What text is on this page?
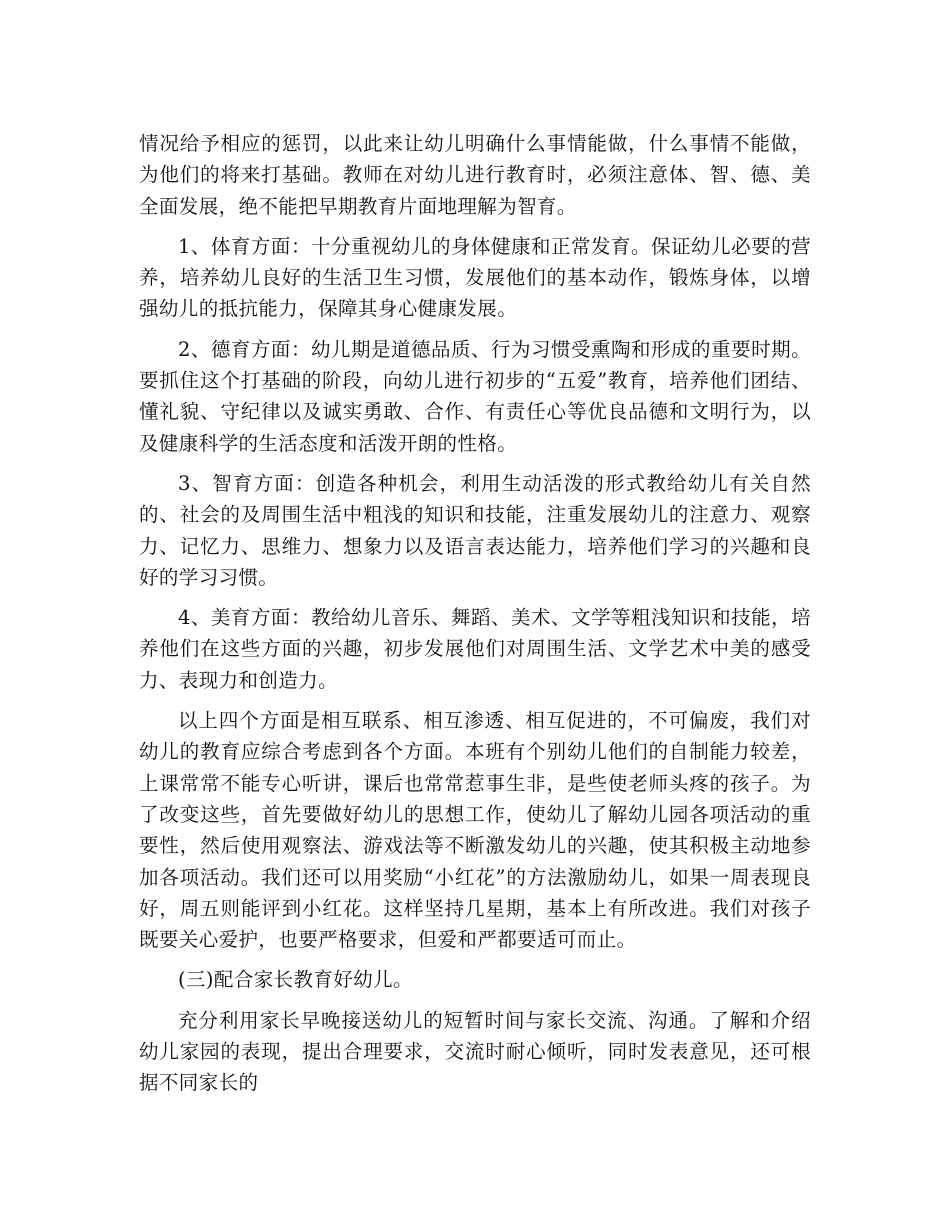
情况给予相应的惩罚，以此来让幼儿明确什么事情能做，什么事情不能做，为他们的将来打基础。教师在对幼儿进行教育时，必须注意体、智、德、美全面发展，绝不能把早期教育片面地理解为智育。

1、体育方面：十分重视幼儿的身体健康和正常发育。保证幼儿必要的营养，培养幼儿良好的生活卫生习惯，发展他们的基本动作，锻炼身体，以增强幼儿的抵抗能力，保障其身心健康发展。

2、德育方面：幼儿期是道德品质、行为习惯受熏陶和形成的重要时期。要抓住这个打基础的阶段，向幼儿进行初步的“五爱”教育，培养他们团结、懂礼貌、守纪律以及诚实勇敢、合作、有责任心等优良品德和文明行为，以及健康科学的生活态度和活泼开朗的性格。

3、智育方面：创造各种机会，利用生动活泼的形式教给幼儿有关自然的、社会的及周围生活中粗浅的知识和技能，注重发展幼儿的注意力、观察力、记忆力、思维力、想象力以及语言表达能力，培养他们学习的兴趣和良好的学习习惯。

4、美育方面：教给幼儿音乐、舞蹈、美术、文学等粗浅知识和技能，培养他们在这些方面的兴趣，初步发展他们对周围生活、文学艺术中美的感受力、表现力和创造力。

以上四个方面是相互联系、相互渗透、相互促进的，不可偏废，我们对幼儿的教育应综合考虑到各个方面。本班有个别幼儿他们的自制能力较差，上课常常不能专心听讲，课后也常常惹事生非，是些使老师头疼的孩子。为了改变这些，首先要做好幼儿的思想工作，使幼儿了解幼儿园各项活动的重要性，然后使用观察法、游戏法等不断激发幼儿的兴趣，使其积极主动地参加各项活动。我们还可以用奖励“小红花”的方法激励幼儿，如果一周表现良好，周五则能评到小红花。这样坚持几星期，基本上有所改进。我们对孩子既要关心爱护，也要严格要求，但爱和严都要适可而止。

(三)配合家长教育好幼儿。

充分利用家长早晚接送幼儿的短暂时间与家长交流、沟通。了解和介绍幼儿家园的表现，提出合理要求，交流时耐心倾听，同时发表意见，还可根据不同家长的
